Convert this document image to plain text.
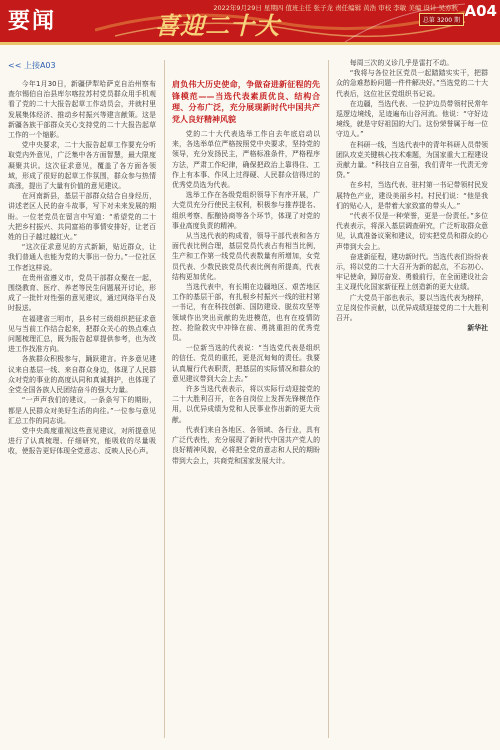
要闻	喜迎二十大
2022年9月29日 星期四 值班主任 张子龙 责任编辑 黄浩 审校 李敏 美编 设计 吴亦秋
总第 3200 期
A04
<< 上接A03

今年1月30日，新疆伊犁哈萨克自治州察布查尔锡伯自治县库尔喀拉苏村党员群众用手机观看了党的二十大报告起草工作动员会，并就村里发展集体经济、推动乡村振兴等建言献策。这是新疆各族干部群众关心支持党的二十大报告起草工作的一个缩影。

党中央要求，二十大报告起草工作要充分听取党内外意见，广泛集中各方面智慧，最大限度凝聚共识。这次征求意见，覆盖了各方面各领域，形成了很好的起草工作氛围，群众参与热情高涨，提出了大量有价值的意见建议。

在河南新县，基层干部群众结合自身经历，讲述老区人民的奋斗故事，写下对未来发展的期盼。一位老党员在留言中写道：“希望党的二十大把乡村振兴、共同富裕的事情安排好，让老百姓的日子越过越红火。”

“这次征求意见的方式新颖，贴近群众，让我们普通人也能为党的大事出一份力。”一位社区工作者这样说。

在贵州省遵义市，党员干部群众聚在一起，围绕教育、医疗、养老等民生问题展开讨论，形成了一批针对性强的意见建议，通过网络平台及时报送。

在福建省三明市，县乡村三级组织把征求意见与当前工作结合起来，把群众关心的热点难点问题梳理汇总，既为报告起草提供参考，也为改进工作找准方向。

各族群众积极参与，踊跃建言。许多意见建议来自基层一线、来自群众身边，体现了人民群众对党的事业的高度认同和真诚拥护，也体现了全党全国各族人民团结奋斗的强大力量。

“一声声我们的建议，一条条写下的期盼，都是人民群众对美好生活的向往。”一位参与意见汇总工作的同志说。

党中央高度重视这些意见建议，对所提意见进行了认真梳理、仔细研究，能吸收的尽量吸收，使报告更好体现全党意志、反映人民心声。

肩负伟大历史使命，争做奋进新征程的先锋模范——当选代表素质优良、结构合理、分布广泛，充分展现新时代中国共产党人良好精神风貌

党的二十大代表选举工作自去年底启动以来，各选举单位严格按照党中央要求，坚持党的领导，充分发扬民主，严格标准条件，严格程序方法，严肃工作纪律，确保把政治上靠得住、工作上有本事、作风上过得硬、人民群众信得过的优秀党员选为代表。

选举工作在各级党组织领导下有序开展，广大党员充分行使民主权利，积极参与推荐提名、组织考察、酝酿协商等各个环节，体现了对党的事业高度负责的精神。

从当选代表的构成看，领导干部代表和各方面代表比例合理，基层党员代表占有相当比例，生产和工作第一线党员代表数量有所增加，女党员代表、少数民族党员代表比例有所提高，代表结构更加优化。

当选代表中，有长期在边疆地区、艰苦地区工作的基层干部，有扎根乡村振兴一线的驻村第一书记，有在科技创新、国防建设、脱贫攻坚等领域作出突出贡献的先进模范，也有在疫情防控、抢险救灾中冲锋在前、勇挑重担的优秀党员。

一位新当选的代表说：“当选党代表是组织的信任、党员的重托，更是沉甸甸的责任。我要认真履行代表职责，把基层的实际情况和群众的意见建议带到大会上去。”

许多当选代表表示，将以实际行动迎接党的二十大胜利召开，在各自岗位上发挥先锋模范作用，以优异成绩为党和人民事业作出新的更大贡献。

代表们来自各地区、各领域、各行业，具有广泛代表性，充分展现了新时代中国共产党人的良好精神风貌，必将把全党的意志和人民的期盼带到大会上，共商党和国家发展大计。

每周三次的义诊几乎是雷打不动。

“我将与各位社区党员一起踏踏实实干，把群众的急难愁盼问题一件件解决好。”当选党的二十大代表后，这位社区党组织书记说。

在边疆，当选代表、一位护边员带领村民常年巡逻边境线，足迹遍布山谷河流。他说：“守好边境线，就是守好祖国的大门。这份荣誉属于每一位守边人。”

在科研一线，当选代表中的青年科研人员带领团队攻克关键核心技术难题，为国家重大工程建设贡献力量。“科技自立自强，我们青年一代责无旁贷。”

在乡村，当选代表、驻村第一书记带领村民发展特色产业，建设美丽乡村。村民们说：“他是我们的贴心人，是带着大家致富的带头人。”

“代表不仅是一种荣誉，更是一份责任。”多位代表表示，将深入基层调查研究，广泛听取群众意见，认真准备议案和建议，切实把党员和群众的心声带到大会上。

奋进新征程，建功新时代。当选代表们纷纷表示，将以党的二十大召开为新的起点，不忘初心、牢记使命，踔厉奋发、勇毅前行，在全面建设社会主义现代化国家新征程上创造新的更大业绩。

广大党员干部也表示，要以当选代表为榜样，立足岗位作贡献，以优异成绩迎接党的二十大胜利召开。

新华社
